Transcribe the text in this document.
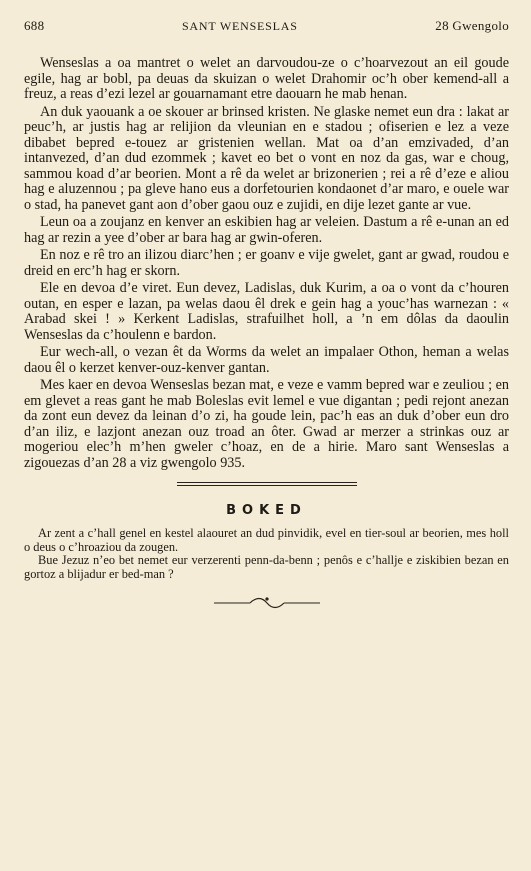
688	SANT WENSESLAS	28 Gwengolo

Wenseslas a oa mantret o welet an darvoudou-ze o c’hoarvezout an eil goude egile, hag ar bobl, pa deuas da skuizan o welet Drahomir oc’h ober kemend-all a freuz, a reas d’ezi lezel ar gouarnamant etre daouarn he mab henan.

An duk yaouank a oe skouer ar brinsed kristen. Ne glaske nemet eun dra : lakat ar peuc’h, ar justis hag ar relijion da vleunian en e stadou ; ofiserien e lez a veze dibabet bepred e-touez ar gristenien wellan. Mat oa d’an emzivaded, d’an intanvezed, d’an dud ezommek ; kavet eo bet o vont en noz da gas, war e choug, sammou koad d’ar beorien. Mont a rê da welet ar brizonerien ; rei a rê d’eze e aliou hag e aluzennou ; pa gleve hano eus a dorfetourien kondaonet d’ar maro, e ouele war o stad, ha panevet gant aon d’ober gaou ouz e zujidi, en dije lezet gante ar vue.

Leun oa a zoujanz en kenver an eskibien hag ar veleien. Dastum a rê e-unan an ed hag ar rezin a yee d’ober ar bara hag ar gwin-oferen.

En noz e rê tro an ilizou diarc’hen ; er goanv e vije gwelet, gant ar gwad, roudou e dreid en erc’h hag er skorn.

Ele en devoa d’e viret. Eun devez, Ladislas, duk Kurim, a oa o vont da c’houren outan, en esper e lazan, pa welas daou êl drek e gein hag a youc’has warnezan : « Arabad skei ! » Kerkent Ladislas, strafuilhet holl, a ’n em dôlas da daoulin Wenseslas da c’houlenn e bardon.

Eur wech-all, o vezan êt da Worms da welet an impalaer Othon, heman a welas daou êl o kerzet kenver-ouz-kenver gantan.

Mes kaer en devoa Wenseslas bezan mat, e veze e vamm bepred war e zeuliou ; en em glevet a reas gant he mab Boleslas evit lemel e vue digantan ; pedi rejont anezan da zont eun devez da leinan d’o zi, ha goude lein, pac’h eas an duk d’ober eun dro d’an iliz, e lazjont anezan ouz troad an ôter. Gwad ar merzer a strinkas ouz ar mogeriou elec’h m’hen gweler c’hoaz, en de a hirie. Maro sant Wenseslas a zigouezas d’an 28 a viz gwengolo 935.

BOKED

Ar zent a c’hall genel en kestel alaouret an dud pinvidik, evel en tier-soul ar beorien, mes holl o deus o c’hroaziou da zougen.

Bue Jezuz n’eo bet nemet eur verzerenti penn-da-benn ; penôs e c’hallje e ziskibien bezan en gortoz a blijadur er bed-man ?
